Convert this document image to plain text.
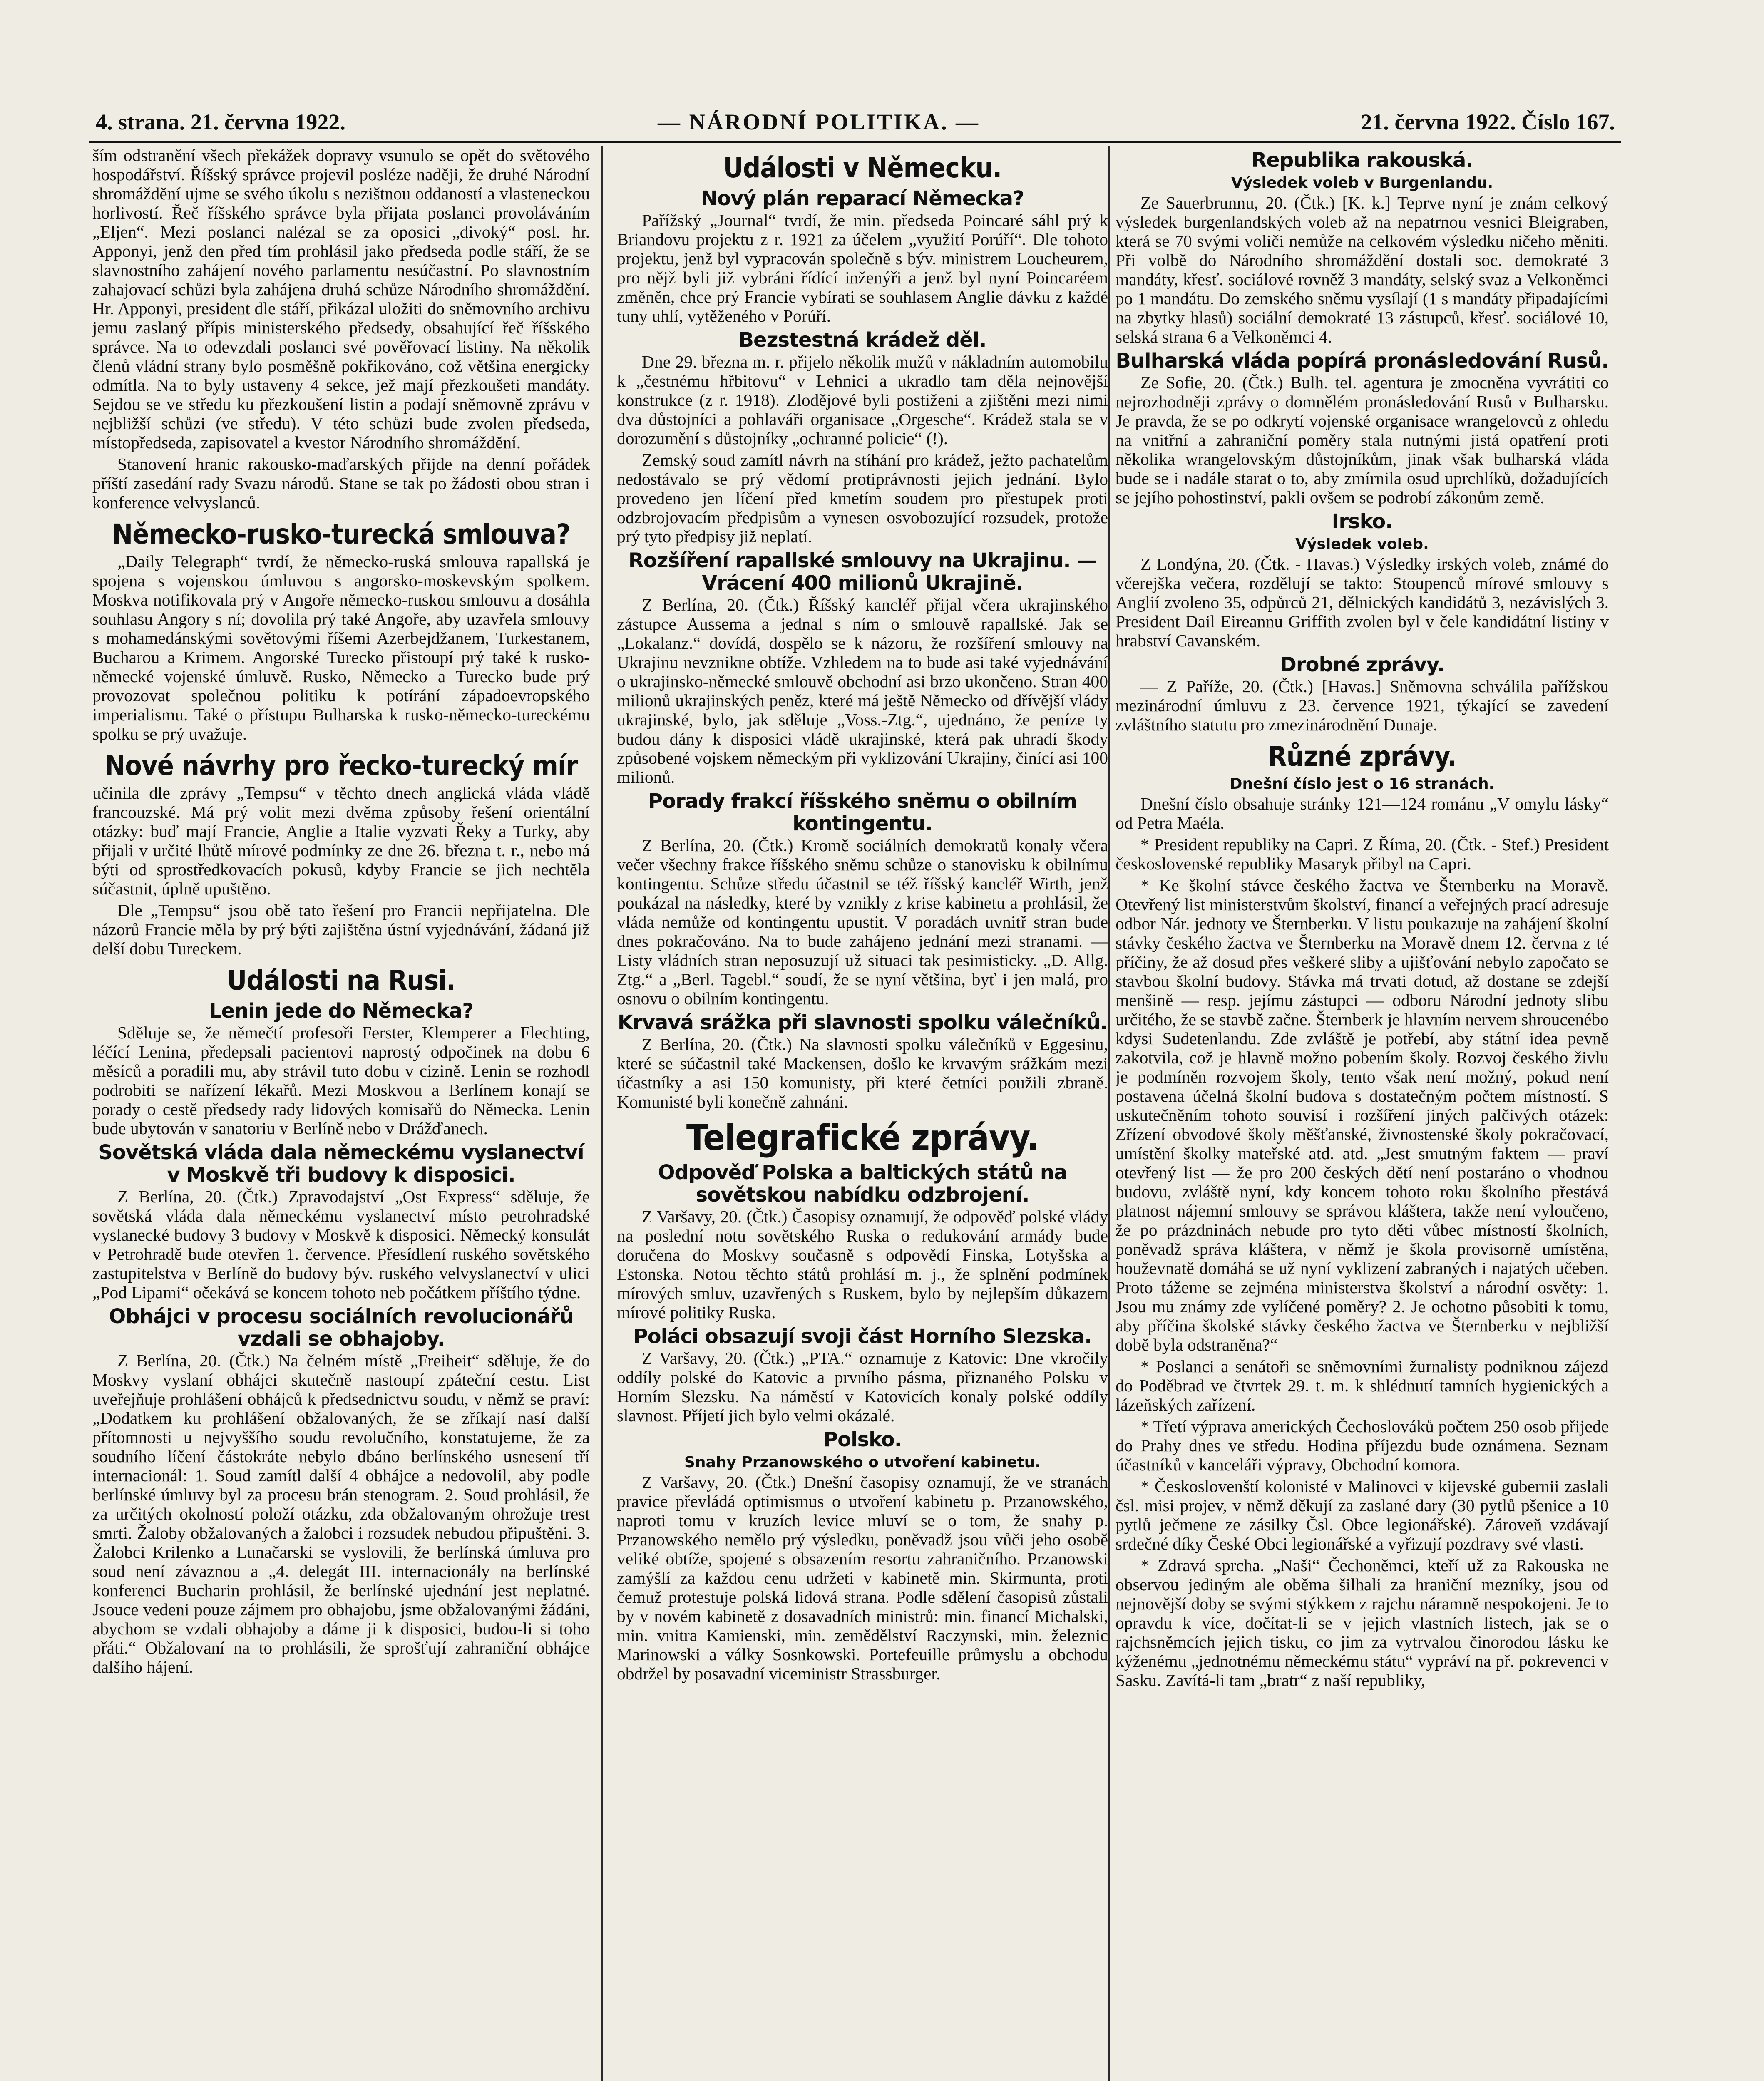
4. strana. 21. června 1922.	— NÁRODNÍ POLITIKA. —	21. června 1922. Číslo 167.

ším odstranění všech překážek dopravy vsunulo se opět do světového hospodářství. Říšský správce projevil posléze naději, že druhé Národní shromáždění ujme se svého úkolu s nezištnou oddaností a vlasteneckou horlivostí. Řeč říšského správce byla přijata poslanci provoláváním „Eljen“. Mezi poslanci nalézal se za oposici „divoký“ posl. hr. Apponyi, jenž den před tím prohlásil jako předseda podle stáří, že se slavnostního zahájení nového parlamentu nesúčastní. Po slavnostním zahajovací schůzi byla zahájena druhá schůze Národního shromáždění. Hr. Apponyi, president dle stáří, přikázal uložiti do sněmovního archivu jemu zaslaný přípis ministerského předsedy, obsahující řeč říšského správce. Na to odevzdali poslanci své pověřovací listiny. Na několik členů vládní strany bylo posměšně pokřikováno, což většina energicky odmítla. Na to byly ustaveny 4 sekce, jež mají přezkoušeti mandáty. Sejdou se ve středu ku přezkoušení listin a podají sněmovně zprávu v nejbližší schůzi (ve středu). V této schůzi bude zvolen předseda, místopředseda, zapisovatel a kvestor Národního shromáždění.

Stanovení hranic rakousko-maďarských přijde na denní pořádek příští zasedání rady Svazu národů. Stane se tak po žádosti obou stran i konference velvyslanců.

Německo-rusko-turecká smlouva?

„Daily Telegraph“ tvrdí, že německo-ruská smlouva rapallská je spojena s vojenskou úmluvou s angorsko-moskevským spolkem. Moskva notifikovala prý v Angoře německo-ruskou smlouvu a dosáhla souhlasu Angory s ní; dovolila prý také Angoře, aby uzavřela smlouvy s mohamedánskými sovětovými říšemi Azerbejdžanem, Turkestanem, Bucharou a Krimem. Angorské Turecko přistoupí prý také k rusko-německé vojenské úmluvě. Rusko, Německo a Turecko bude prý provozovat společnou politiku k potírání západoevropského imperialismu. Také o přístupu Bulharska k rusko-německo-tureckému spolku se prý uvažuje.

Nové návrhy pro řecko-turecký mír

učinila dle zprávy „Tempsu“ v těchto dnech anglická vláda vládě francouzské. Má prý volit mezi dvěma způsoby řešení orientální otázky: buď mají Francie, Anglie a Italie vyzvati Řeky a Turky, aby přijali v určité lhůtě mírové podmínky ze dne 26. března t. r., nebo má býti od sprostředkovacích pokusů, kdyby Francie se jich nechtěla súčastnit, úplně upuštěno.

Dle „Tempsu“ jsou obě tato řešení pro Francii nepřijatelna. Dle názorů Francie měla by prý býti zajištěna ústní vyjednávání, žádaná již delší dobu Tureckem.

Události na Rusi.
Lenin jede do Německa?

Sděluje se, že němečtí profesoři Ferster, Klemperer a Flechting, léčící Lenina, předepsali pacientovi naprostý odpočinek na dobu 6 měsíců a poradili mu, aby strávil tuto dobu v cizině. Lenin se rozhodl podrobiti se nařízení lékařů. Mezi Moskvou a Berlínem konají se porady o cestě předsedy rady lidových komisařů do Německa. Lenin bude ubytován v sanatoriu v Berlíně nebo v Drážďanech.

Sovětská vláda dala německému vyslanectví v Moskvě tři budovy k disposici.

Z Berlína, 20. (Čtk.) Zpravodajství „Ost Express“ sděluje, že sovětská vláda dala německému vyslanectví místo petrohradské vyslanecké budovy 3 budovy v Moskvě k disposici. Německý konsulát v Petrohradě bude otevřen 1. července. Přesídlení ruského sovětského zastupitelstva v Berlíně do budovy býv. ruského velvyslanectví v ulici „Pod Lipami“ očekává se koncem tohoto neb počátkem příštího týdne.

Obhájci v procesu sociálních revolucionářů vzdali se obhajoby.

Z Berlína, 20. (Čtk.) Na čelném místě „Freiheit“ sděluje, že do Moskvy vyslaní obhájci skutečně nastoupí zpáteční cestu. List uveřejňuje prohlášení obhájců k předsednictvu soudu, v němž se praví: „Dodatkem ku prohlášení obžalovaných, že se zříkají nasí další přítomnosti u nejvyššího soudu revolučního, konstatujeme, že za soudního líčení částokráte nebylo dbáno berlínského usnesení tří internacionál: 1. Soud zamítl další 4 obhájce a nedovolil, aby podle berlínské úmluvy byl za procesu brán stenogram. 2. Soud prohlásil, že za určitých okolností položí otázku, zda obžalovaným ohrožuje trest smrti. Žaloby obžalovaných a žalobci i rozsudek nebudou připuštěni. 3. Žalobci Krilenko a Lunačarski se vyslovili, že berlínská úmluva pro soud není závaznou a „4. delegát III. internacionály na berlínské konferenci Bucharin prohlásil, že berlínské ujednání jest neplatné. Jsouce vedeni pouze zájmem pro obhajobu, jsme obžalovanými žádáni, abychom se vzdali obhajoby a dáme ji k disposici, budou-li si toho přáti.“ Obžalovaní na to prohlásili, že sprošťují zahraniční obhájce dalšího hájení.

Události v Německu.
Nový plán reparací Německa?

Pařížský „Journal“ tvrdí, že min. předseda Poincaré sáhl prý k Briandovu projektu z r. 1921 za účelem „využití Porúří“. Dle tohoto projektu, jenž byl vypracován společně s býv. ministrem Loucheurem, pro nějž byli již vybráni řídící inženýři a jenž byl nyní Poincaréem změněn, chce prý Francie vybírati se souhlasem Anglie dávku z každé tuny uhlí, vytěženého v Porúří.

Bezstestná krádež děl.

Dne 29. března m. r. přijelo několik mužů v nákladním automobilu k „čestnému hřbitovu“ v Lehnici a ukradlo tam děla nejnovější konstrukce (z r. 1918). Zlodějové byli postiženi a zjištěni mezi nimi dva důstojníci a pohlaváři organisace „Orgesche“. Krádež stala se v dorozumění s důstojníky „ochranné policie“ (!).

Zemský soud zamítl návrh na stíhání pro krádež, ježto pachatelům nedostávalo se prý vědomí protiprávnosti jejich jednání. Bylo provedeno jen líčení před kmetím soudem pro přestupek proti odzbrojovacím předpisům a vynesen osvobozující rozsudek, protože prý tyto předpisy již neplatí.

Rozšíření rapallské smlouvy na Ukrajinu. — Vrácení 400 milionů Ukrajině.

Z Berlína, 20. (Čtk.) Říšský kancléř přijal včera ukrajinského zástupce Aussema a jednal s ním o smlouvě rapallské. Jak se „Lokalanz.“ dovídá, dospělo se k názoru, že rozšíření smlouvy na Ukrajinu nevznikne obtíže. Vzhledem na to bude asi také vyjednávání o ukrajinsko-německé smlouvě obchodní asi brzo ukončeno. Stran 400 milionů ukrajinských peněz, které má ještě Německo od dřívější vlády ukrajinské, bylo, jak sděluje „Voss.-Ztg.“, ujednáno, že peníze ty budou dány k disposici vládě ukrajinské, která pak uhradí škody způsobené vojskem německým při vyklizování Ukrajiny, činící asi 100 milionů.

Porady frakcí říšského sněmu o obilním kontingentu.

Z Berlína, 20. (Čtk.) Kromě sociálních demokratů konaly včera večer všechny frakce říšského sněmu schůze o stanovisku k obilnímu kontingentu. Schůze středu účastnil se též říšský kancléř Wirth, jenž poukázal na následky, které by vznikly z krise kabinetu a prohlásil, že vláda nemůže od kontingentu upustit. V poradách uvnitř stran bude dnes pokračováno. Na to bude zahájeno jednání mezi stranami. — Listy vládních stran neposuzují už situaci tak pesimisticky. „D. Allg. Ztg.“ a „Berl. Tagebl.“ soudí, že se nyní většina, byť i jen malá, pro osnovu o obilním kontingentu.

Krvavá srážka při slavnosti spolku válečníků.

Z Berlína, 20. (Čtk.) Na slavnosti spolku válečníků v Eggesinu, které se súčastnil také Mackensen, došlo ke krvavým srážkám mezi účastníky a asi 150 komunisty, při které četníci použili zbraně. Komunisté byli konečně zahnáni.

Telegrafické zprávy.
Odpověď Polska a baltických států na sovětskou nabídku odzbrojení.

Z Varšavy, 20. (Čtk.) Časopisy oznamují, že odpověď polské vlády na poslední notu sovětského Ruska o redukování armády bude doručena do Moskvy současně s odpovědí Finska, Lotyšska a Estonska. Notou těchto států prohlásí m. j., že splnění podmínek mírových smluv, uzavřených s Ruskem, bylo by nejlepším důkazem mírové politiky Ruska.

Poláci obsazují svoji část Horního Slezska.

Z Varšavy, 20. (Čtk.) „PTA.“ oznamuje z Katovic: Dne vkročily oddíly polské do Katovic a prvního pásma, přiznaného Polsku v Horním Slezsku. Na náměstí v Katovicích konaly polské oddíly slavnost. Příjetí jich bylo velmi okázalé.

Polsko.
Snahy Przanowského o utvoření kabinetu.

Z Varšavy, 20. (Čtk.) Dnešní časopisy oznamují, že ve stranách pravice převládá optimismus o utvoření kabinetu p. Przanowského, naproti tomu v kruzích levice mluví se o tom, že snahy p. Przanowského nemělo prý výsledku, poněvadž jsou vůči jeho osobě veliké obtíže, spojené s obsazením resortu zahraničního. Przanowski zamýšlí za každou cenu udržeti v kabinetě min. Skirmunta, proti čemuž protestuje polská lidová strana. Podle sdělení časopisů zůstali by v novém kabinetě z dosavadních ministrů: min. financí Michalski, min. vnitra Kamienski, min. zemědělství Raczynski, min. železnic Marinowski a války Sosnkowski. Portefeuille průmyslu a obchodu obdržel by posavadní viceministr Strassburger.

Republika rakouská.
Výsledek voleb v Burgenlandu.

Ze Sauerbrunnu, 20. (Čtk.) [K. k.] Teprve nyní je znám celkový výsledek burgenlandských voleb až na nepatrnou vesnici Bleigraben, která se 70 svými voliči nemůže na celkovém výsledku ničeho měniti. Při volbě do Národního shromáždění dostali soc. demokraté 3 mandáty, křesť. sociálové rovněž 3 mandáty, selský svaz a Velkoněmci po 1 mandátu. Do zemského sněmu vysílají (1 s mandáty připadajícími na zbytky hlasů) sociální demokraté 13 zástupců, křesť. sociálové 10, selská strana 6 a Velkoněmci 4.

Bulharská vláda popírá pronásledování Rusů.

Ze Sofie, 20. (Čtk.) Bulh. tel. agentura je zmocněna vyvrátiti co nejrozhodněji zprávy o domnělém pronásledování Rusů v Bulharsku. Je pravda, že se po odkrytí vojenské organisace wrangelovců z ohledu na vnitřní a zahraniční poměry stala nutnými jistá opatření proti několika wrangelovským důstojníkům, jinak však bulharská vláda bude se i nadále starat o to, aby zmírnila osud uprchlíků, dožadujících se jejího pohostinství, pakli ovšem se podrobí zákonům země.

Irsko.
Výsledek voleb.

Z Londýna, 20. (Čtk. - Havas.) Výsledky irských voleb, známé do včerejška večera, rozdělují se takto: Stoupenců mírové smlouvy s Anglií zvoleno 35, odpůrců 21, dělnických kandidátů 3, nezávislých 3. President Dail Eireannu Griffith zvolen byl v čele kandidátní listiny v hrabství Cavanském.

Drobné zprávy.

— Z Paříže, 20. (Čtk.) [Havas.] Sněmovna schválila pařížskou mezinárodní úmluvu z 23. července 1921, týkající se zavedení zvláštního statutu pro zmezinárodnění Dunaje.

Různé zprávy.
Dnešní číslo jest o 16 stranách.

Dnešní číslo obsahuje stránky 121—124 románu „V omylu lásky“ od Petra Maéla.

* President republiky na Capri. Z Říma, 20. (Čtk. - Stef.) President československé republiky Masaryk přibyl na Capri.

* Ke školní stávce českého žactva ve Šternberku na Moravě. Otevřený list ministerstvům školství, financí a veřejných prací adresuje odbor Nár. jednoty ve Šternberku. V listu poukazuje na zahájení školní stávky českého žactva ve Šternberku na Moravě dnem 12. června z té příčiny, že až dosud přes veškeré sliby a ujišťování nebylo započato se stavbou školní budovy. Stávka má trvati dotud, až dostane se zdejší menšině — resp. jejímu zástupci — odboru Národní jednoty slibu určitého, že se stavbě začne. Šternberk je hlavním nervem shroucenébo kdysi Sudetenlandu. Zde zvláště je potřebí, aby státní idea pevně zakotvila, což je hlavně možno pobením školy. Rozvoj českého živlu je podmíněn rozvojem školy, tento však není možný, pokud není postavena účelná školní budova s dostatečným počtem místností. S uskutečněním tohoto souvisí i rozšíření jiných palčivých otázek: Zřízení obvodové školy měšťanské, živnostenské školy pokračovací, umístění školky mateřské atd. atd. „Jest smutným faktem — praví otevřený list — že pro 200 českých dětí není postaráno o vhodnou budovu, zvláště nyní, kdy koncem tohoto roku školního přestává platnost nájemní smlouvy se správou kláštera, takže není vyloučeno, že po prázdninách nebude pro tyto děti vůbec místností školních, poněvadž správa kláštera, v němž je škola provisorně umístěna, houževnatě domáhá se už nyní vyklizení zabraných i najatých učeben. Proto tážeme se zejména ministerstva školství a národní osvěty: 1. Jsou mu známy zde vylíčené poměry? 2. Je ochotno působiti k tomu, aby příčina školské stávky českého žactva ve Šternberku v nejbližší době byla odstraněna?“

* Poslanci a senátoři se sněmovními žurnalisty podniknou zájezd do Poděbrad ve čtvrtek 29. t. m. k shlédnutí tamních hygienických a lázeňských zařízení.

* Třetí výprava amerických Čechoslováků počtem 250 osob přijede do Prahy dnes ve středu. Hodina příjezdu bude oznámena. Seznam účastníků v kanceláři výpravy, Obchodní komora.

* Českoslovenští kolonisté v Malinovci v kijevské gubernii zaslali čsl. misi projev, v němž děkují za zaslané dary (30 pytlů pšenice a 10 pytlů ječmene ze zásilky Čsl. Obce legionářské). Zároveň vzdávají srdečné díky České Obci legionářské a vyřizují pozdravy své vlasti.

* Zdravá sprcha. „Naši“ Čechoněmci, kteří už za Rakouska ne observou jediným ale oběma šilhali za hraniční mezníky, jsou od nejnovější doby se svými stýkkem z rajchu náramně nespokojeni. Je to opravdu k více, dočítat-li se v jejich vlastních listech, jak se o rajchsněmcích jejich tisku, co jim za vytrvalou činorodou lásku ke kýženému „jednotnému německému státu“ vypráví na př. pokrevenci v Sasku. Zavítá-li tam „bratr“ z naší republiky,
